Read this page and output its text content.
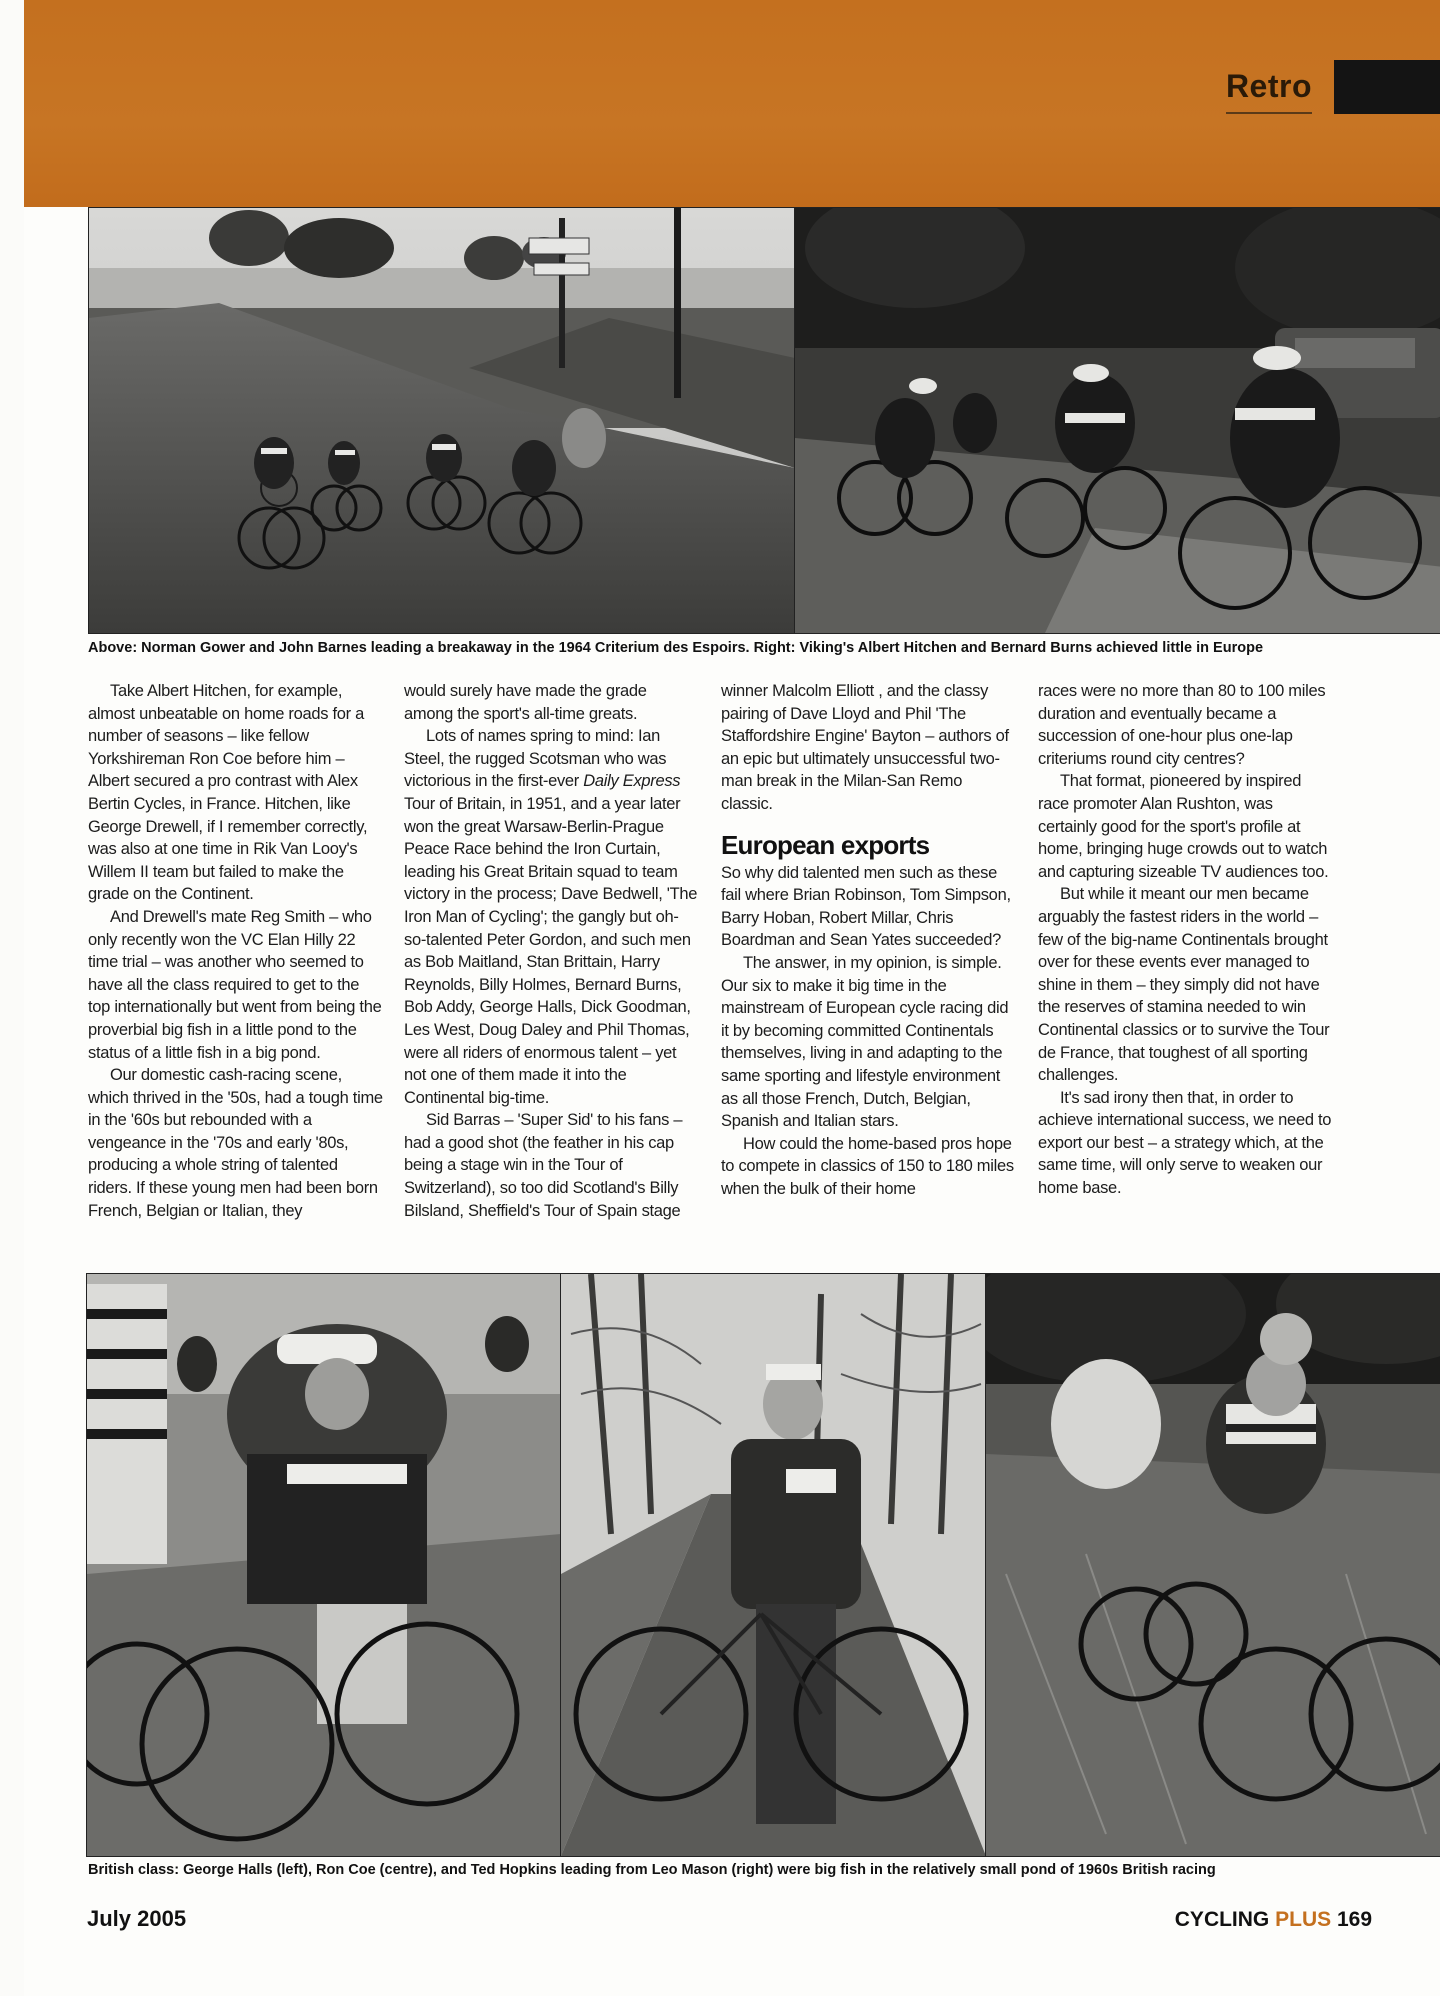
Retro
Above: Norman Gower and John Barnes leading a breakaway in the 1964 Criterium des Espoirs. Right: Viking's Albert Hitchen and Bernard Burns achieved little in Europe

Take Albert Hitchen, for example, almost unbeatable on home roads for a number of seasons – like fellow Yorkshireman Ron Coe before him – Albert secured a pro contrast with Alex Bertin Cycles, in France. Hitchen, like George Drewell, if I remember correctly, was also at one time in Rik Van Looy's Willem II team but failed to make the grade on the Continent.

And Drewell's mate Reg Smith – who only recently won the VC Elan Hilly 22 time trial – was another who seemed to have all the class required to get to the top internationally but went from being the proverbial big fish in a little pond to the status of a little fish in a big pond.

Our domestic cash-racing scene, which thrived in the '50s, had a tough time in the '60s but rebounded with a vengeance in the '70s and early '80s, producing a whole string of talented riders. If these young men had been born French, Belgian or Italian, they

would surely have made the grade among the sport's all-time greats.

Lots of names spring to mind: Ian Steel, the rugged Scotsman who was victorious in the first-ever Daily Express Tour of Britain, in 1951, and a year later won the great Warsaw-Berlin-Prague Peace Race behind the Iron Curtain, leading his Great Britain squad to team victory in the process; Dave Bedwell, 'The Iron Man of Cycling'; the gangly but oh-so-talented Peter Gordon, and such men as Bob Maitland, Stan Brittain, Harry Reynolds, Billy Holmes, Bernard Burns, Bob Addy, George Halls, Dick Goodman, Les West, Doug Daley and Phil Thomas, were all riders of enormous talent – yet not one of them made it into the Continental big-time.

Sid Barras – 'Super Sid' to his fans – had a good shot (the feather in his cap being a stage win in the Tour of Switzerland), so too did Scotland's Billy Bilsland, Sheffield's Tour of Spain stage

winner Malcolm Elliott , and the classy pairing of Dave Lloyd and Phil 'The Staffordshire Engine' Bayton – authors of an epic but ultimately unsuccessful two-man break in the Milan-San Remo classic.

European exports

So why did talented men such as these fail where Brian Robinson, Tom Simpson, Barry Hoban, Robert Millar, Chris Boardman and Sean Yates succeeded?

The answer, in my opinion, is simple. Our six to make it big time in the mainstream of European cycle racing did it by becoming committed Continentals themselves, living in and adapting to the same sporting and lifestyle environment as all those French, Dutch, Belgian, Spanish and Italian stars.

How could the home-based pros hope to compete in classics of 150 to 180 miles when the bulk of their home

races were no more than 80 to 100 miles duration and eventually became a succession of one-hour plus one-lap criteriums round city centres?

That format, pioneered by inspired race promoter Alan Rushton, was certainly good for the sport's profile at home, bringing huge crowds out to watch and capturing sizeable TV audiences too.

But while it meant our men became arguably the fastest riders in the world – few of the big-name Continentals brought over for these events ever managed to shine in them – they simply did not have the reserves of stamina needed to win Continental classics or to survive the Tour de France, that toughest of all sporting challenges.

It's sad irony then that, in order to achieve international success, we need to export our best – a strategy which, at the same time, will only serve to weaken our home base.

British class: George Halls (left), Ron Coe (centre), and Ted Hopkins leading from Leo Mason (right) were big fish in the relatively small pond of 1960s British racing
July 2005	CYCLING PLUS 169
